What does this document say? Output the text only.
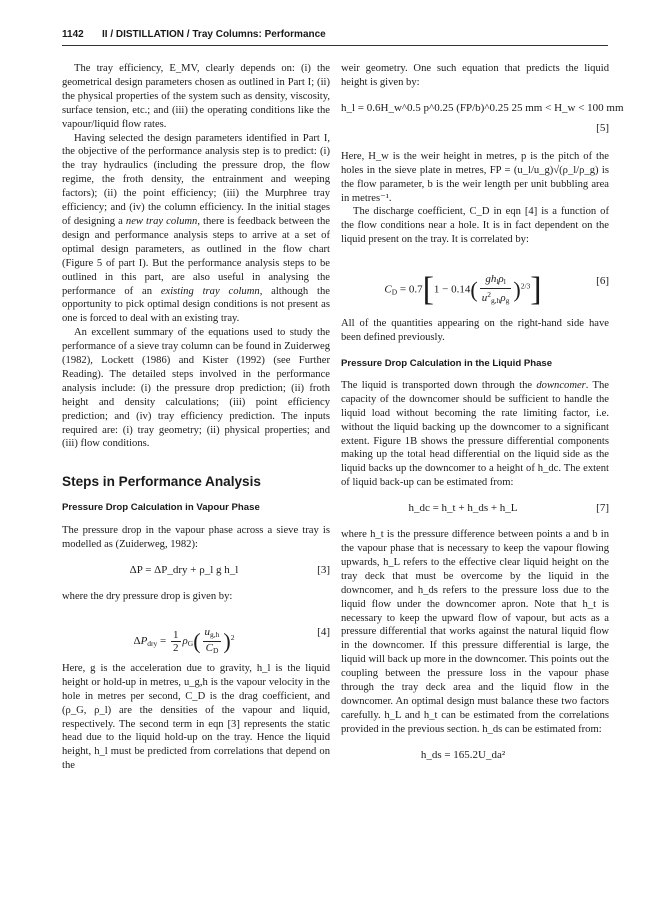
1142 II / DISTILLATION / Tray Columns: Performance

The tray efficiency, E_MV, clearly depends on: (i) the geometrical design parameters chosen as outlined in Part I; (ii) the physical properties of the system such as density, viscosity, surface tension, etc.; and (iii) the operating conditions like the vapour/liquid flow rates.

Having selected the design parameters identified in Part I, the objective of the performance analysis step is to predict: (i) the tray hydraulics (including the pressure drop, the flow regime, the froth density, the entrainment and weeping factors); (ii) the point efficiency; (iii) the Murphree tray efficiency; and (iv) the column efficiency. In the initial stages of designing a new tray column, there is feedback between the design and performance analysis steps to arrive at a set of optimal design parameters, as outlined in the flow chart (Figure 5 of part I). But the performance analysis steps to be outlined in this part, are also useful in analysing the performance of an existing tray column, although the opportunity to pick optimal design conditions is not present as one is forced to deal with an existing tray.

An excellent summary of the equations used to study the performance of a sieve tray column can be found in Zuiderweg (1982), Lockett (1986) and Kister (1992) (see Further Reading). The detailed steps involved in the performance analysis include: (i) the pressure drop prediction; (ii) froth height and density calculations; (iii) point efficiency prediction; and (iv) tray efficiency prediction. The inputs required are: (i) tray geometry; (ii) physical properties; and (iii) flow conditions.

Steps in Performance Analysis
Pressure Drop Calculation in Vapour Phase

The pressure drop in the vapour phase across a sieve tray is modelled as (Zuiderweg, 1982):

ΔP = ΔP_dry + ρ_l g h_l	[3]

where the dry pressure drop is given by:

$\Delta P_{dry} = \frac{1}{2} \rho_G( \frac{u_{g,h}}{C_D} )^2$	[4]

Here, g is the acceleration due to gravity, h_l is the liquid height or hold-up in metres, u_g,h is the vapour velocity in the hole in metres per second, C_D is the drag coefficient, and (ρ_G, ρ_l) are the densities of the vapour and liquid, respectively. The second term in eqn [3] represents the static head due to the liquid hold-up on the tray. Hence the liquid height, h_l must be predicted from correlations that depend on the

weir geometry. One such equation that predicts the liquid height is given by:

h_l = 0.6H_w^0.5 p^0.25 (FP/b)^0.25 25 mm < H_w < 100 mm
[5]

Here, H_w is the weir height in metres, p is the pitch of the holes in the sieve plate in metres, FP = (u_l/u_g)√(ρ_l/ρ_g) is the flow parameter, b is the weir length per unit bubbling area in metres⁻¹.

The discharge coefficient, C_D in eqn [4] is a function of the flow conditions near a hole. It is in fact dependent on the liquid present on the tray. It is correlated by:

$C_D = 0.7[1 - 0.14( \frac{gh_l\rho_l}{u^2_{g,h}\rho_g} )^{2/3}]$	[6]

All of the quantities appearing on the right-hand side have been defined previously.

Pressure Drop Calculation in the Liquid Phase

The liquid is transported down through the downcomer. The capacity of the downcomer should be sufficient to handle the liquid load without becoming the rate limiting factor, i.e. without the liquid backing up the downcomer to a significant extent. Figure 1B shows the pressure differential components making up the total head differential on the liquid side as the liquid backs up the downcomer to a height of h_dc. The extent of liquid back-up can be estimated from:

h_dc = h_t + h_ds + h_L	[7]

where h_t is the pressure difference between points a and b in the vapour phase that is necessary to keep the vapour flowing upwards, h_L refers to the effective clear liquid height on the tray deck that must be overcome by the liquid in the downcomer, and h_ds refers to the pressure loss due to the liquid flow under the downcomer apron. Note that h_t is necessary to keep the upward flow of vapour, but acts as a pressure differential that works against the natural liquid flow in the downcomer. If this pressure differential is large, the liquid will back up more in the downcomer. This points out the coupling between the pressure loss in the vapour phase through the tray deck area and the liquid flow in the downcomer. An optimal design must balance these two factors carefully. h_L and h_t can be estimated from the correlations provided in the previous section. h_ds can be estimated from:

h_ds = 165.2U_da²
